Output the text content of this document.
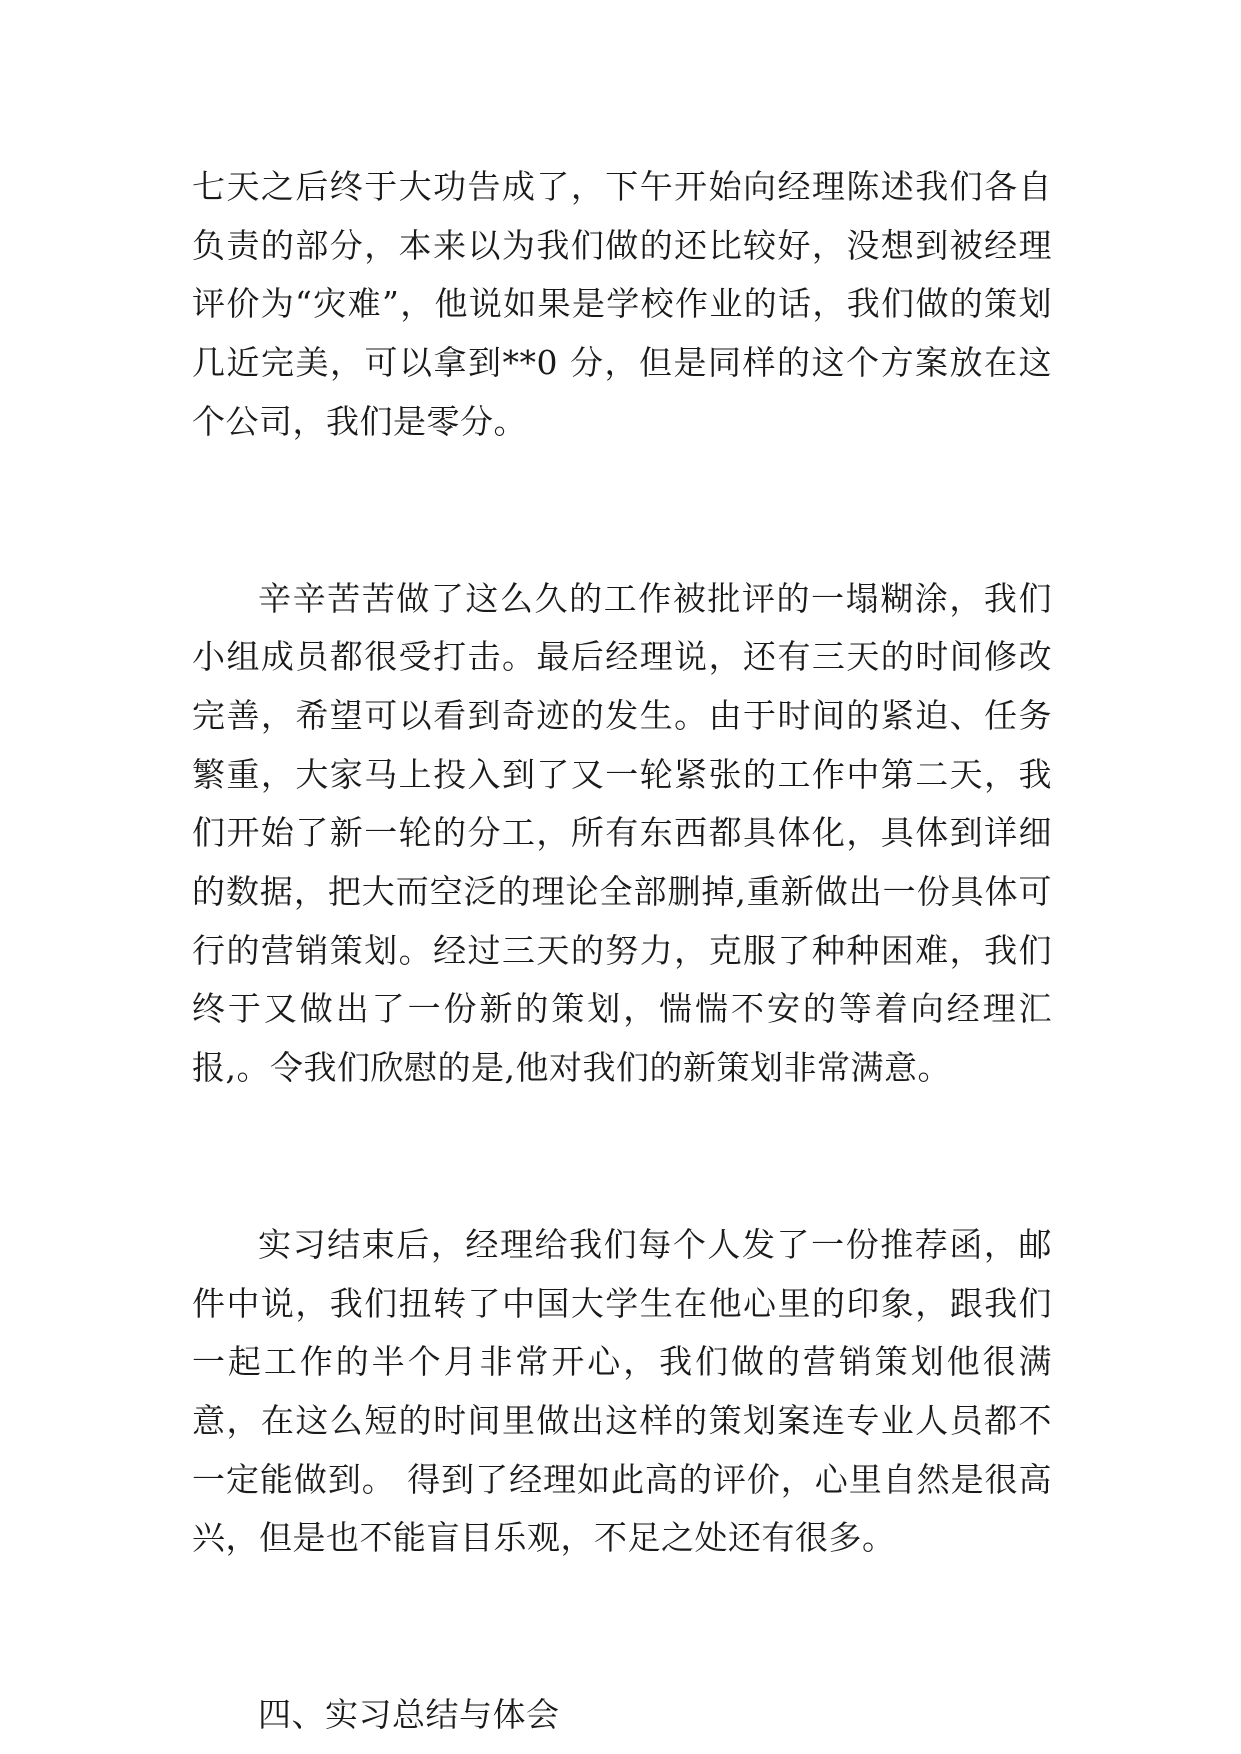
七天之后终于大功告成了，下午开始向经理陈述我们各自负责的部分，本来以为我们做的还比较好，没想到被经理评价为“灾难”，他说如果是学校作业的话，我们做的策划几近完美，可以拿到**0 分，但是同样的这个方案放在这个公司，我们是零分。

辛辛苦苦做了这么久的工作被批评的一塌糊涂，我们小组成员都很受打击。最后经理说，还有三天的时间修改完善，希望可以看到奇迹的发生。由于时间的紧迫、任务繁重，大家马上投入到了又一轮紧张的工作中第二天，我们开始了新一轮的分工，所有东西都具体化，具体到详细的数据，把大而空泛的理论全部删掉,重新做出一份具体可行的营销策划。经过三天的努力，克服了种种困难，我们终于又做出了一份新的策划，惴惴不安的等着向经理汇报,。令我们欣慰的是,他对我们的新策划非常满意。

实习结束后，经理给我们每个人发了一份推荐函，邮件中说，我们扭转了中国大学生在他心里的印象，跟我们一起工作的半个月非常开心，我们做的营销策划他很满意，在这么短的时间里做出这样的策划案连专业人员都不一定能做到。 得到了经理如此高的评价，心里自然是很高兴，但是也不能盲目乐观，不足之处还有很多。

四、实习总结与体会
